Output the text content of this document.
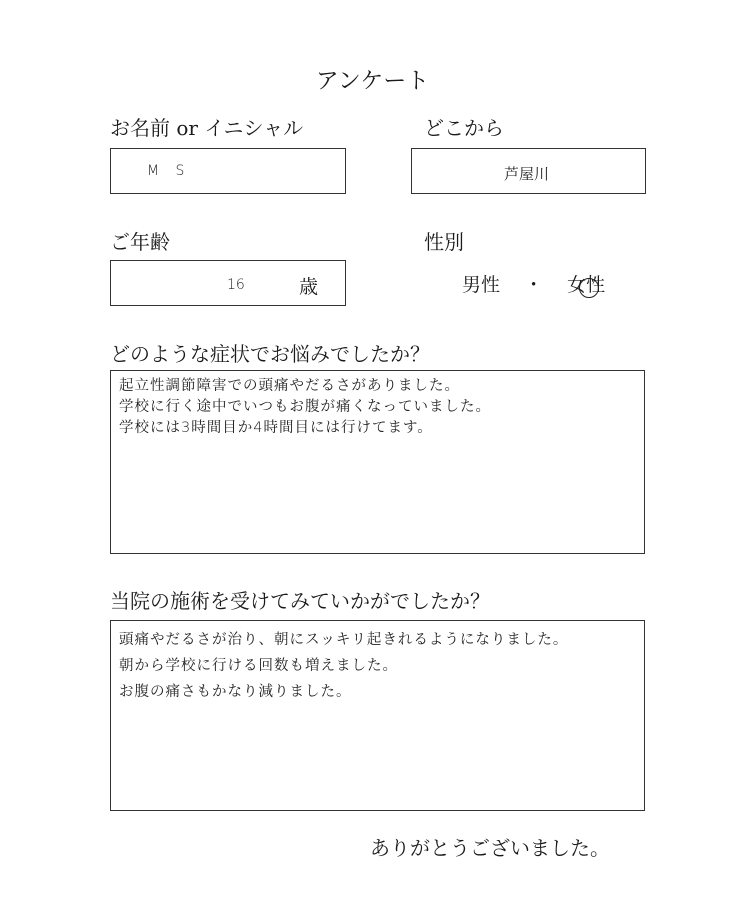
アンケート
お名前 or イニシャル
M S
どこから
芦屋川
ご年齢
16	歳
性別
男性 ・ 女性
どのような症状でお悩みでしたか？
起立性調節障害での頭痛やだるさがありました。
学校に行く途中でいつもお腹が痛くなっていました。
学校には3時間目か4時間目には行けてます。
当院の施術を受けてみていかがでしたか？
頭痛やだるさが治り、朝にスッキリ起きれるようになりました。
朝から学校に行ける回数も増えました。
お腹の痛さもかなり減りました。
ありがとうございました。
